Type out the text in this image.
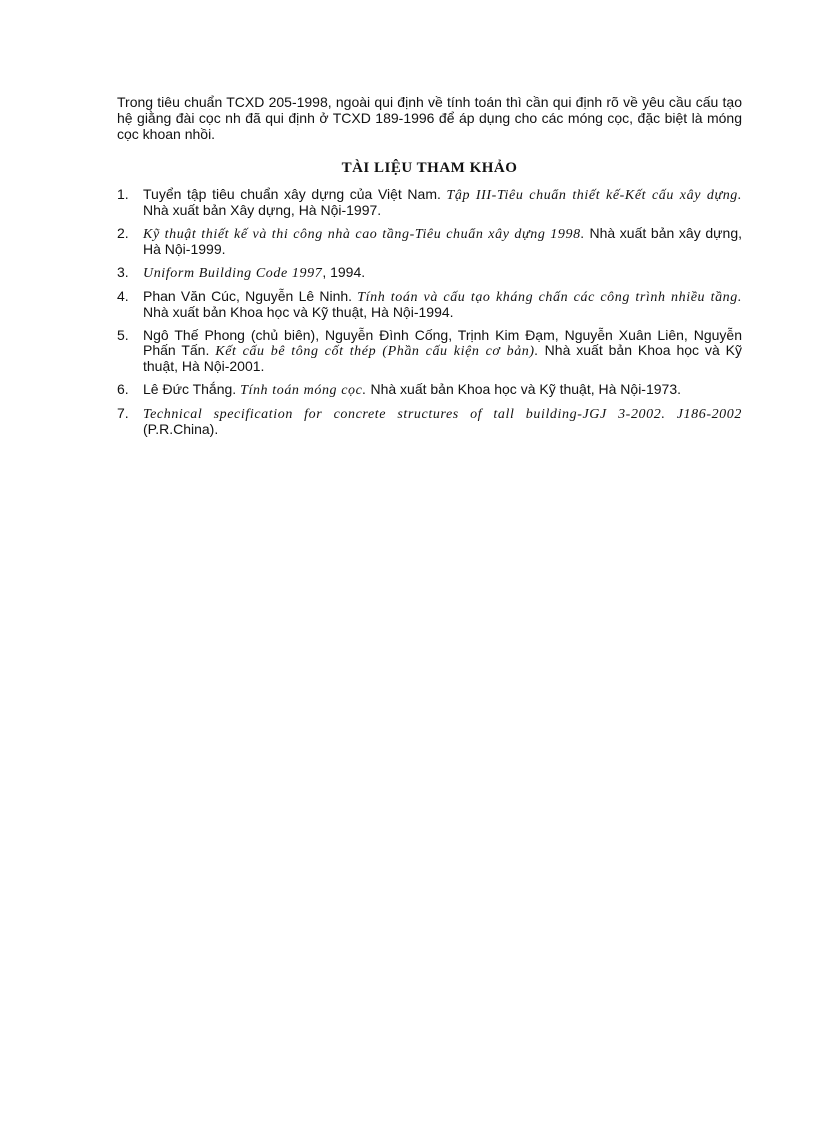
Trong tiêu chuẩn TCXD 205-1998, ngoài qui định về tính toán thì cần qui định rõ về yêu cầu cấu tạo hệ giằng đài cọc nh đã qui định ở TCXD 189-1996 để áp dụng cho các móng cọc, đặc biệt là móng cọc khoan nhồi.

TÀI LIỆU THAM KHẢO
1.	Tuyển tập tiêu chuẩn xây dựng của Việt Nam. Tập III-Tiêu chuẩn thiết kế-Kết cấu xây dựng. Nhà xuất bản Xây dựng, Hà Nội-1997.
2.	Kỹ thuật thiết kế và thi công nhà cao tầng-Tiêu chuẩn xây dựng 1998. Nhà xuất bản xây dựng, Hà Nội-1999.
3.	Uniform Building Code 1997, 1994.
4.	Phan Văn Cúc, Nguyễn Lê Ninh. Tính toán và cấu tạo kháng chấn các công trình nhiều tầng. Nhà xuất bản Khoa học và Kỹ thuật, Hà Nội-1994.
5.	Ngô Thế Phong (chủ biên), Nguyễn Đình Cống, Trịnh Kim Đạm, Nguyễn Xuân Liên, Nguyễn Phấn Tấn. Kết cấu bê tông cốt thép (Phần cấu kiện cơ bản). Nhà xuất bản Khoa học và Kỹ thuật, Hà Nội-2001.
6.	Lê Đức Thắng. Tính toán móng cọc. Nhà xuất bản Khoa học và Kỹ thuật, Hà Nội-1973.
7.	Technical specification for concrete structures of tall building-JGJ 3-2002. J186-2002 (P.R.China).
